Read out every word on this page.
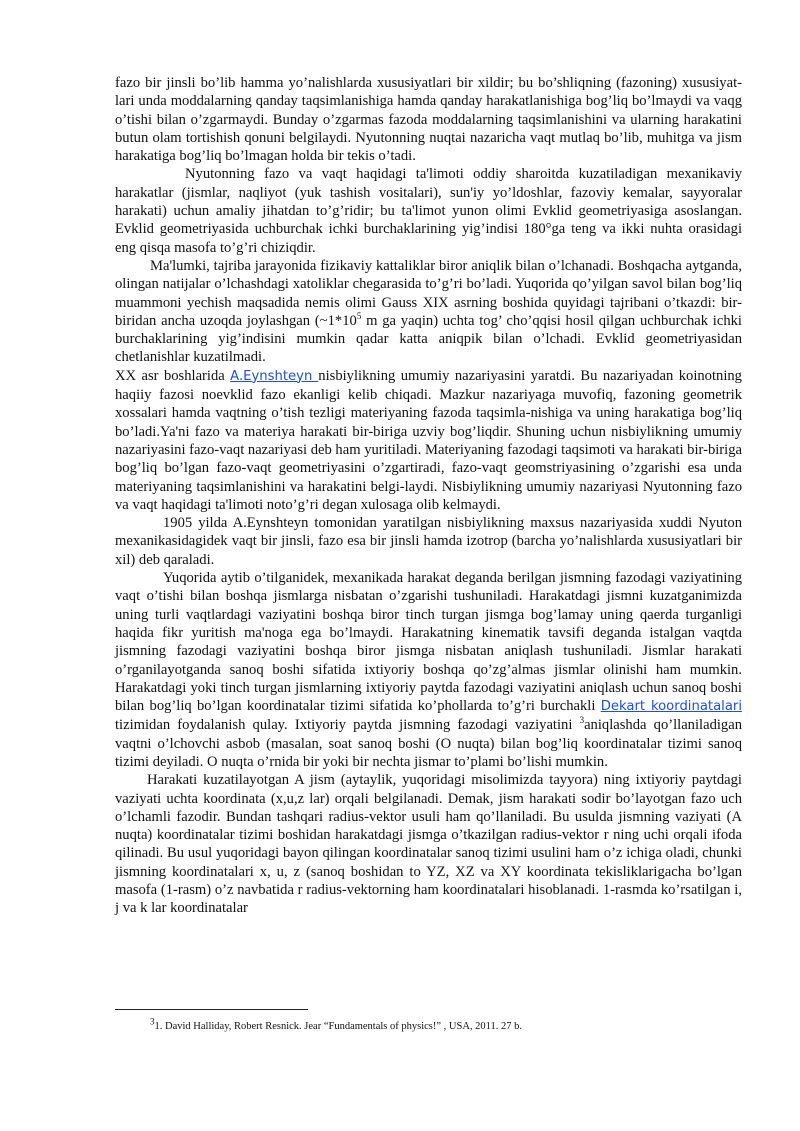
fazo bir jinsli bo’lib hamma yo’nalishlarda xususiyatlari bir xildir; bu bo’shliqning (fazoning) xususiyat-lari unda moddalarning qanday taqsimlanishiga hamda qanday harakatlanishiga bog’liq bo’lmaydi va vaqg o’tishi bilan o’zgarmaydi. Bunday o’zgarmas fazoda moddalarning taqsimlanishini va ularning harakatini butun olam tortishish qonuni belgilaydi. Nyutonning nuqtai nazaricha vaqt mutlaq bo’lib, muhitga va jism harakatiga bog’liq bo’lmagan holda bir tekis o’tadi.

Nyutonning fazo va vaqt haqidagi ta'limoti oddiy sharoitda kuzatiladigan mexanikaviy harakatlar (jismlar, naqliyot (yuk tashish vositalari), sun'iy yo’ldoshlar, fazoviy kemalar, sayyoralar harakati) uchun amaliy jihatdan to’g’ridir; bu ta'limot yunon olimi Evklid geometriyasiga asoslangan. Evklid geometriyasida uchburchak ichki burchaklarining yig’indisi 180°ga teng va ikki nuhta orasidagi eng qisqa masofa to’g’ri chiziqdir.

Ma'lumki, tajriba jarayonida fizikaviy kattaliklar biror aniqlik bilan o’lchanadi. Boshqacha aytganda, olingan natijalar o’lchashdagi xatoliklar chegarasida to’g’ri bo’ladi. Yuqorida qo’yilgan savol bilan bog’liq muammoni yechish maqsadida nemis olimi Gauss XIX asrning boshida quyidagi tajribani o’tkazdi: bir-biridan ancha uzoqda joylashgan ($\sim 1*10^5$ m ga yaqin) uchta tog’ cho’qqisi hosil qilgan uchburchak ichki burchaklarining yig’indisini mumkin qadar katta aniqpik bilan o’lchadi. Evklid geometriyasidan chetlanishlar kuzatilmadi.

XX asr boshlarida A.Eynshteyn nisbiylikning umumiy nazariyasini yaratdi. Bu nazariyadan koinotning haqiiy fazosi noevklid fazo ekanligi kelib chiqadi. Mazkur nazariyaga muvofiq, fazoning geometrik xossalari hamda vaqtning o’tish tezligi materiyaning fazoda taqsimla-nishiga va uning harakatiga bog’liq bo’ladi.Ya'ni fazo va materiya harakati bir-biriga uzviy bog’liqdir. Shuning uchun nisbiylikning umumiy nazariyasini fazo-vaqt nazariyasi deb ham yuritiladi. Materiyaning fazodagi taqsimoti va harakati bir-biriga bog’liq bo’lgan fazo-vaqt geometriyasini o’zgartiradi, fazo-vaqt geomstriyasining o’zgarishi esa unda materiyaning taqsimlanishini va harakatini belgi-laydi. Nisbiylikning umumiy nazariyasi Nyutonning fazo va vaqt haqidagi ta'limoti noto’g’ri degan xulosaga olib kelmaydi.

1905 yilda A.Eynshteyn tomonidan yaratilgan nisbiylikning maxsus nazariyasida xuddi Nyuton mexanikasidagidek vaqt bir jinsli, fazo esa bir jinsli hamda izotrop (barcha yo’nalishlarda xususiyatlari bir xil) deb qaraladi.

Yuqorida aytib o’tilganidek, mexanikada harakat deganda berilgan jismning fazodagi vaziyatining vaqt o’tishi bilan boshqa jismlarga nisbatan o’zgarishi tushuniladi. Harakatdagi jismni kuzatganimizda uning turli vaqtlardagi vaziyatini boshqa biror tinch turgan jismga bog’lamay uning qaerda turganligi haqida fikr yuritish ma'noga ega bo’lmaydi. Harakatning kinematik tavsifi deganda istalgan vaqtda jismning fazodagi vaziyatini boshqa biror jismga nisbatan aniqlash tushuniladi. Jismlar harakati o’rganilayotganda sanoq boshi sifatida ixtiyoriy boshqa qo’zg’almas jismlar olinishi ham mumkin. Harakatdagi yoki tinch turgan jismlarning ixtiyoriy paytda fazodagi vaziyatini aniqlash uchun sanoq boshi bilan bog’liq bo’lgan koordinatalar tizimi sifatida ko’phollarda to’g’ri burchakli Dekart koordinatalari tizimidan foydalanish qulay. Ixtiyoriy paytda jismning fazodagi vaziyatini $^3$aniqlashda qo’llaniladigan vaqtni o’lchovchi asbob (masalan, soat sanoq boshi (O nuqta) bilan bog’liq koordinatalar tizimi sanoq tizimi deyiladi. O nuqta o’rnida bir yoki bir nechta jismar to’plami bo’lishi mumkin.

Harakati kuzatilayotgan A jism (aytaylik, yuqoridagi misolimizda tayyora) ning ixtiyoriy paytdagi vaziyati uchta koordinata (x,u,z lar) orqali belgilanadi. Demak, jism harakati sodir bo’layotgan fazo uch o’lchamli fazodir. Bundan tashqari radius-vektor usuli ham qo’llaniladi. Bu usulda jismning vaziyati (A nuqta) koordinatalar tizimi boshidan harakatdagi jismga o’tkazilgan radius-vektor r ning uchi orqali ifoda qilinadi. Bu usul yuqoridagi bayon qilingan koordinatalar sanoq tizimi usulini ham o’z ichiga oladi, chunki jismning koordinatalari x, u, z (sanoq boshidan to YZ, XZ va XY koordinata tekisliklarigacha bo’lgan masofa (1-rasm) o’z navbatida r radius-vektorning ham koordinatalari hisoblanadi. 1-rasmda ko’rsatilgan i, j va k lar koordinatalar

$^3$1. David Halliday, Robert Resnick. Jear “Fundamentals of physics!” , USA, 2011. 27 b.
